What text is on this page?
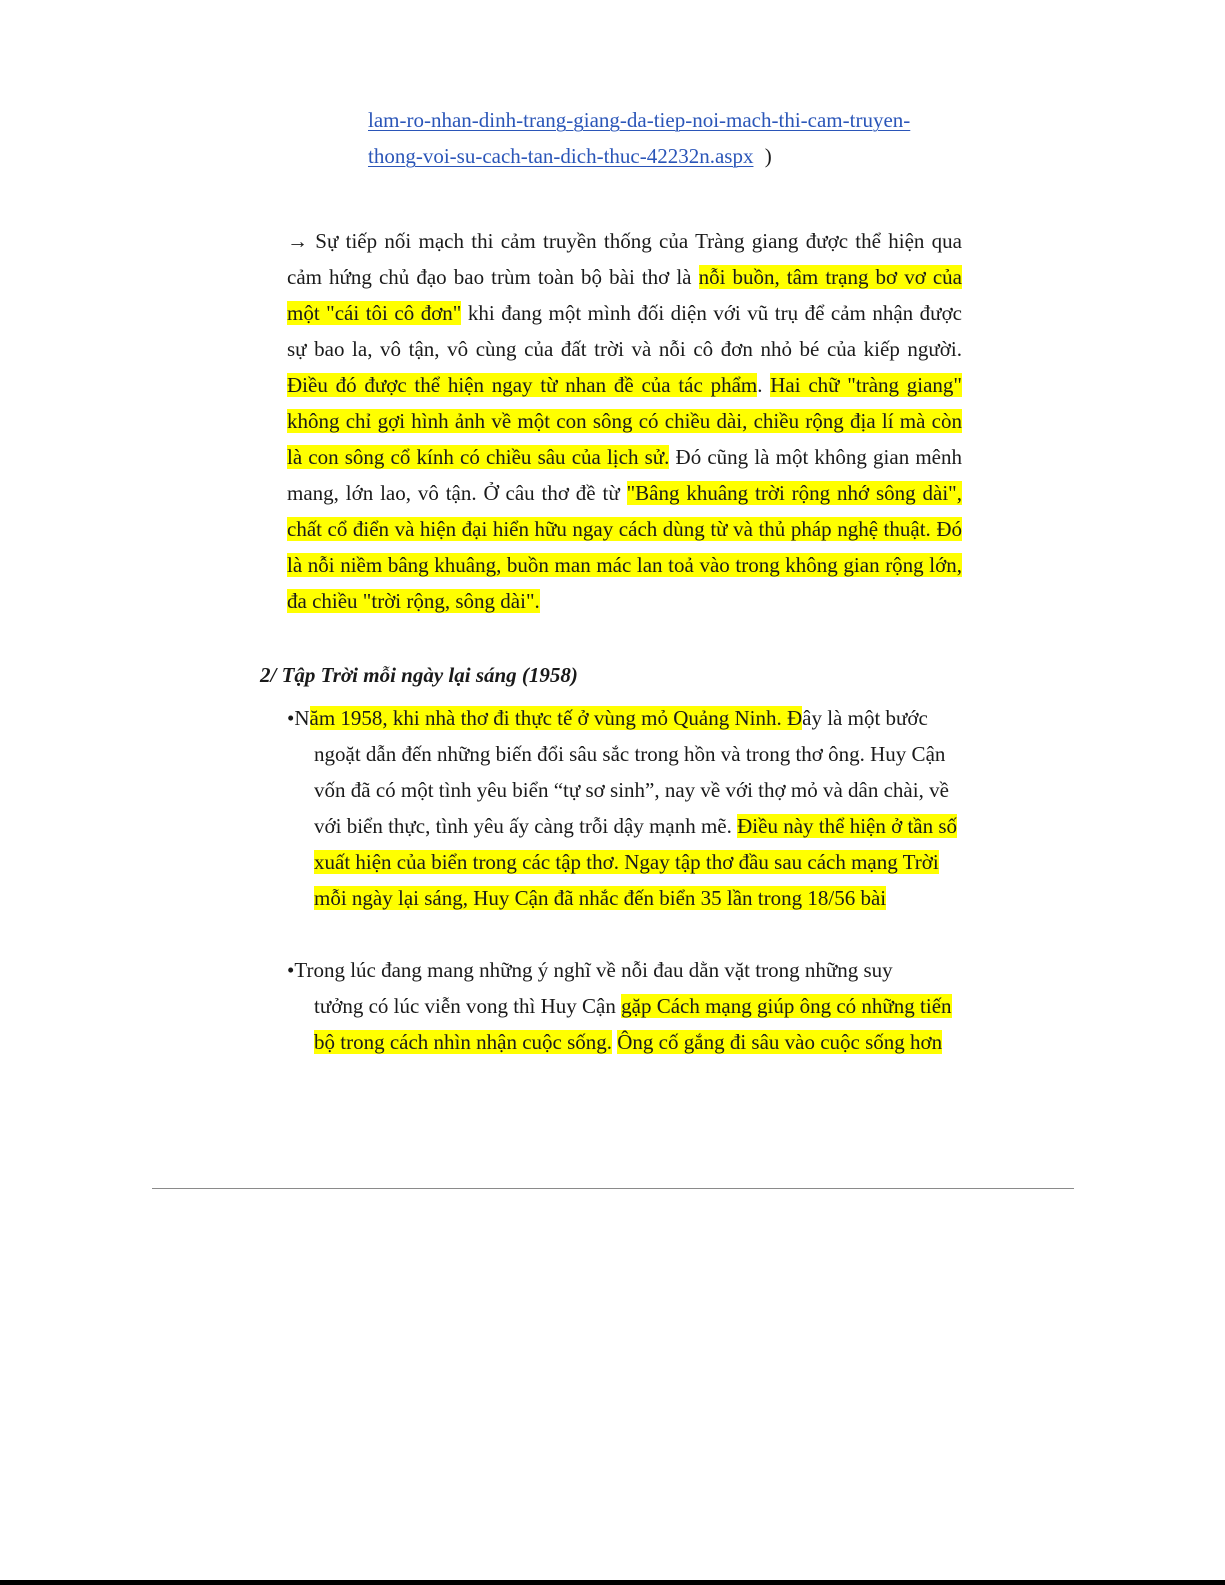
lam-ro-nhan-dinh-trang-giang-da-tiep-noi-mach-thi-cam-truyen-
thong-voi-su-cach-tan-dich-thuc-42232n.aspx )
→ Sự tiếp nối mạch thi cảm truyền thống của Tràng giang được thể hiện qua
cảm hứng chủ đạo bao trùm toàn bộ bài thơ là nỗi buồn, tâm trạng bơ vơ của
một "cái tôi cô đơn" khi đang một mình đối diện với vũ trụ để cảm nhận được
sự bao la, vô tận, vô cùng của đất trời và nỗi cô đơn nhỏ bé của kiếp người.
Điều đó được thể hiện ngay từ nhan đề của tác phẩm. Hai chữ "tràng giang"
không chỉ gợi hình ảnh về một con sông có chiều dài, chiều rộng địa lí mà còn
là con sông cổ kính có chiều sâu của lịch sử. Đó cũng là một không gian mênh
mang, lớn lao, vô tận. Ở câu thơ đề từ "Bâng khuâng trời rộng nhớ sông dài",
chất cổ điển và hiện đại hiển hữu ngay cách dùng từ và thủ pháp nghệ thuật. Đó
là nỗi niềm bâng khuâng, buồn man mác lan toả vào trong không gian rộng lớn,
đa chiều "trời rộng, sông dài".
2/ Tập Trời mỗi ngày lại sáng (1958)
•Năm 1958, khi nhà thơ đi thực tế ở vùng mỏ Quảng Ninh. Đây là một bước
ngoặt dẫn đến những biến đổi sâu sắc trong hồn và trong thơ ông. Huy Cận
vốn đã có một tình yêu biển “tự sơ sinh”, nay về với thợ mỏ và dân chài, về
với biển thực, tình yêu ấy càng trỗi dậy mạnh mẽ. Điều này thể hiện ở tần số
xuất hiện của biển trong các tập thơ. Ngay tập thơ đầu sau cách mạng Trời
mỗi ngày lại sáng, Huy Cận đã nhắc đến biển 35 lần trong 18/56 bài
•Trong lúc đang mang những ý nghĩ về nỗi đau dằn vặt trong những suy
tưởng có lúc viễn vong thì Huy Cận gặp Cách mạng giúp ông có những tiến
bộ trong cách nhìn nhận cuộc sống. Ông cố gắng đi sâu vào cuộc sống hơn
